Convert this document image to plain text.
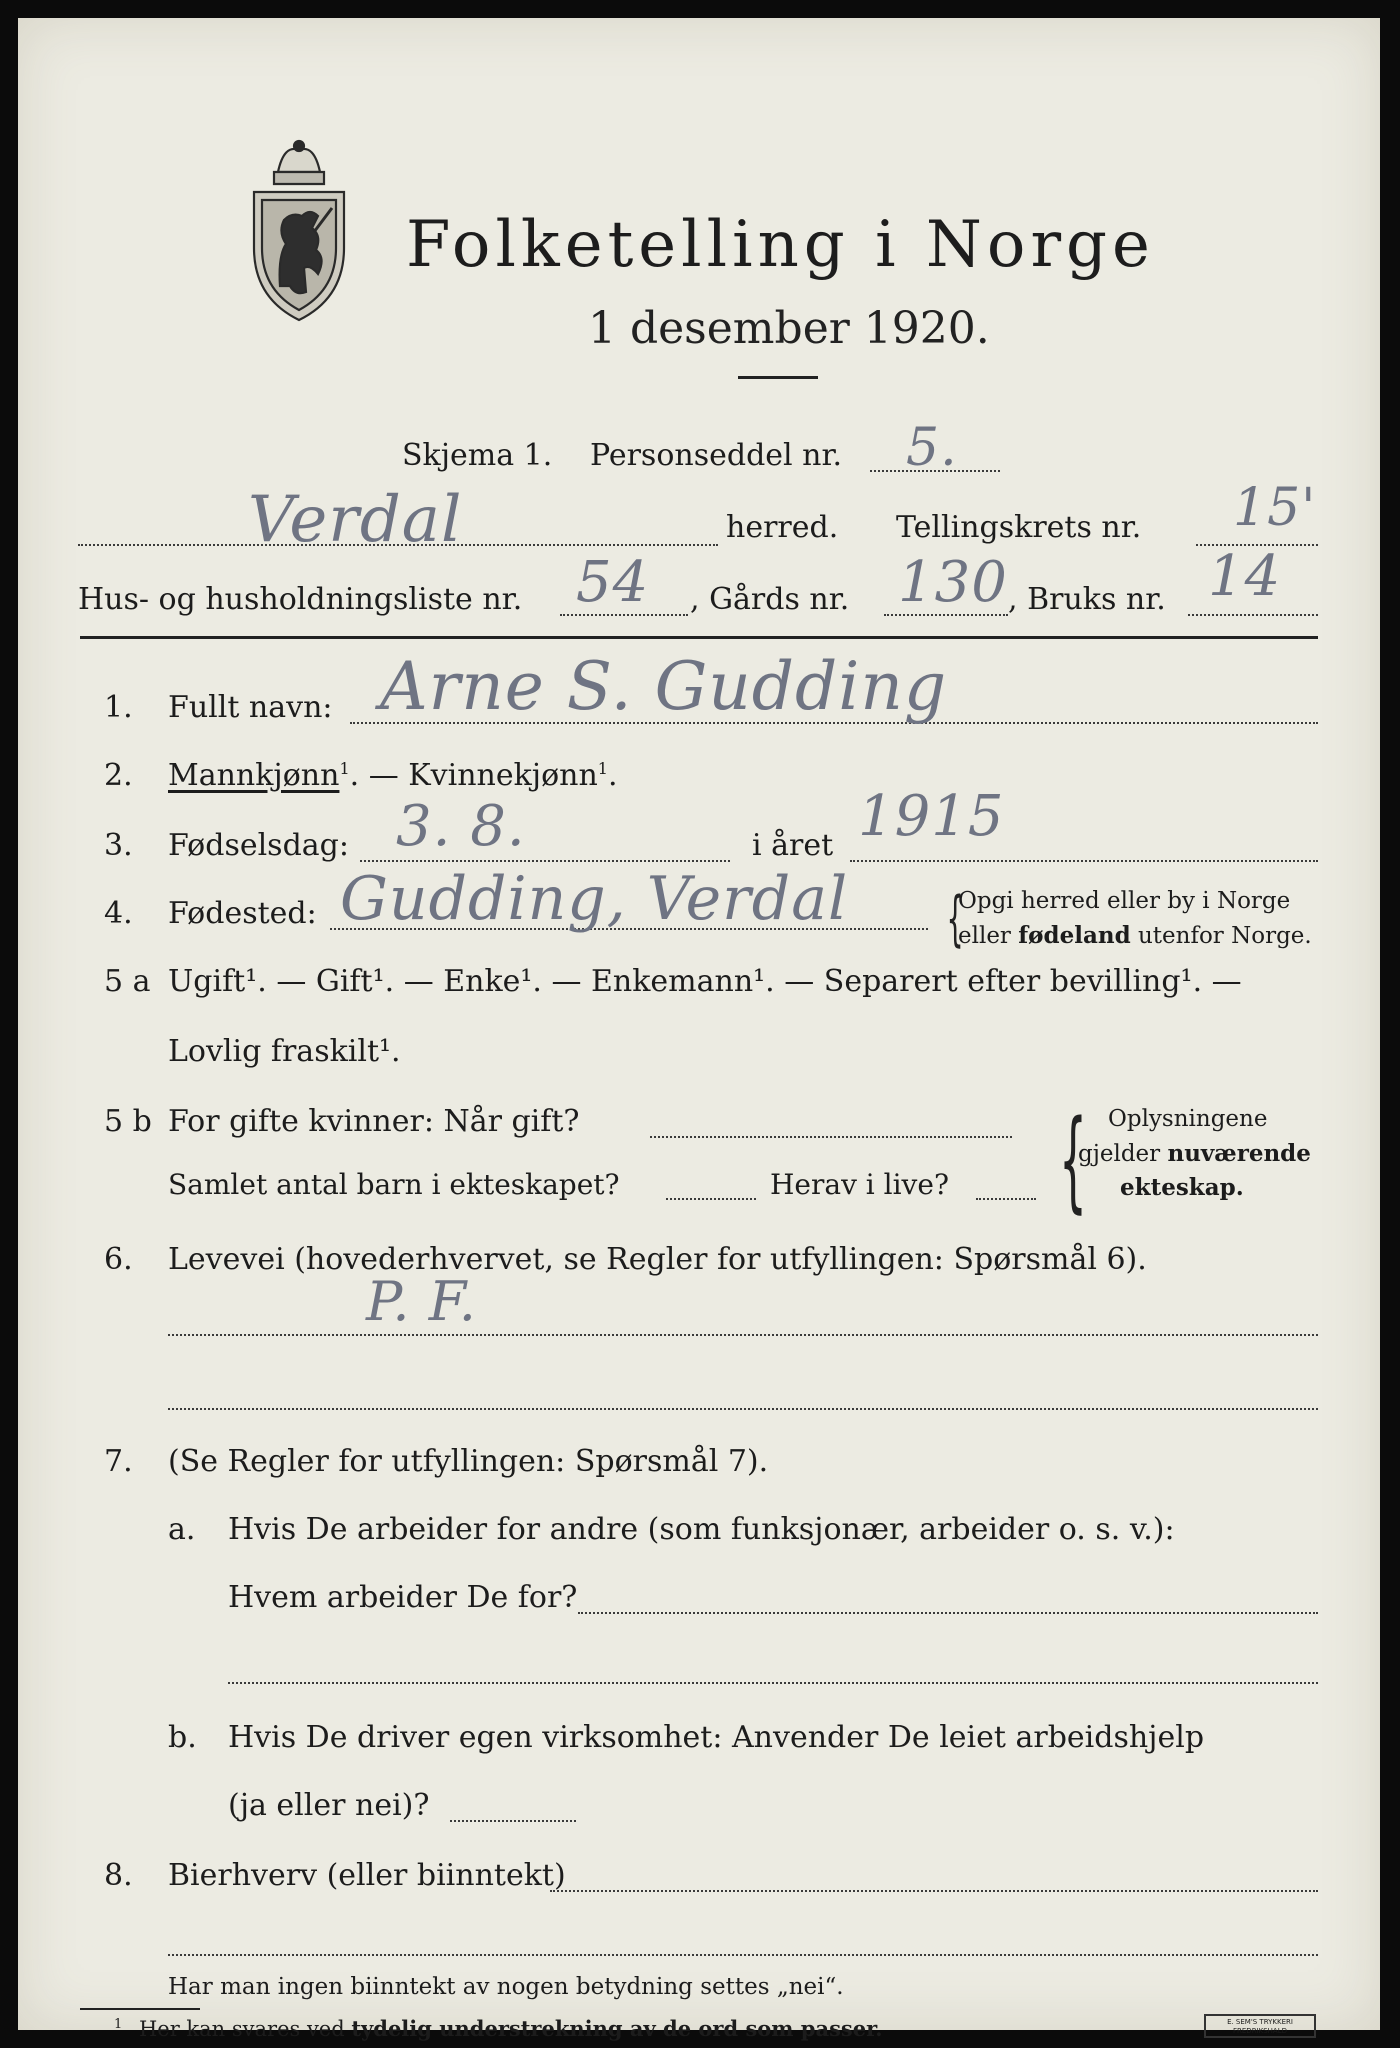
Folketelling i Norge
1 desember 1920.
Skjema 1. Personseddel nr. 5.
Verdal	herred. Tellingskrets nr. 15'
Hus- og husholdningsliste nr. 54 , Gårds nr. 130 , Bruks nr. 14
1. Fullt navn: Arne S. Gudding
2. Mannkjønn$^1$. — Kvinnekjønn$^1$.
3. Fødselsdag: 3. 8.	i året 1915
4. Fødested: Gudding, Verdal {
Opgi herred eller by i Norge
eller fødeland utenfor Norge.
5 a Ugift¹. — Gift¹. — Enke¹. — Enkemann¹. — Separert efter bevilling¹. —
Lovlig fraskilt¹.
5 b For gifte kvinner: Når gift?
Samlet antal barn i ekteskapet?	Herav i live? { Oplysningene
gjelder nuværende
ekteskap.
6. Levevei (hovederhvervet, se Regler for utfyllingen: Spørsmål 6).
P. F.
7. (Se Regler for utfyllingen: Spørsmål 7).
a. Hvis De arbeider for andre (som funksjonær, arbeider o. s. v.):
Hvem arbeider De for?
b. Hvis De driver egen virksomhet: Anvender De leiet arbeidshjelp
(ja eller nei)?
8. Bierhverv (eller biinntekt)
Har man ingen biinntekt av nogen betydning settes „nei“.
$^1$ Her kan svares ved tydelig understrekning av de ord som passer.	E. SEM'S TRYKKERI
FREDRIKSHALD
